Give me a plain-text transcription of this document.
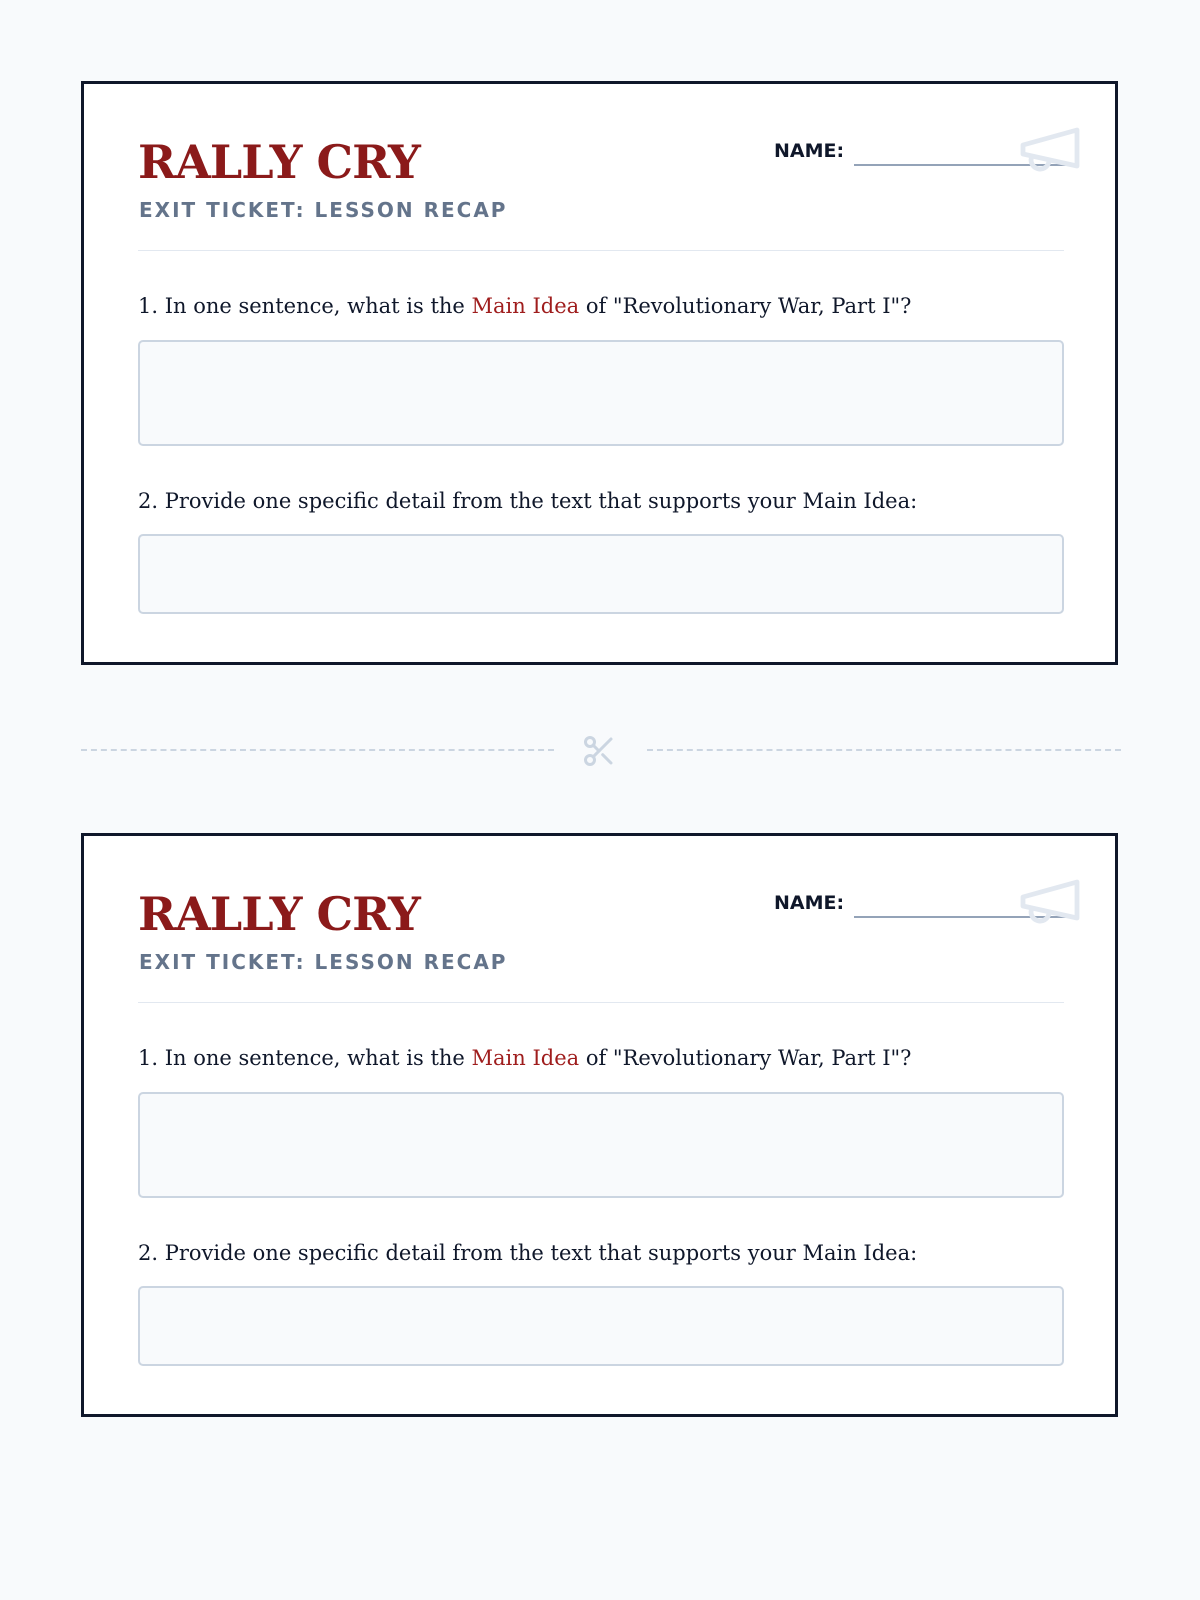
RALLY CRY
EXIT TICKET: LESSON RECAP
NAME:
1. In one sentence, what is the Main Idea of "Revolutionary War, Part I"?
2. Provide one specific detail from the text that supports your Main Idea:
RALLY CRY
EXIT TICKET: LESSON RECAP
NAME:
1. In one sentence, what is the Main Idea of "Revolutionary War, Part I"?
2. Provide one specific detail from the text that supports your Main Idea:
